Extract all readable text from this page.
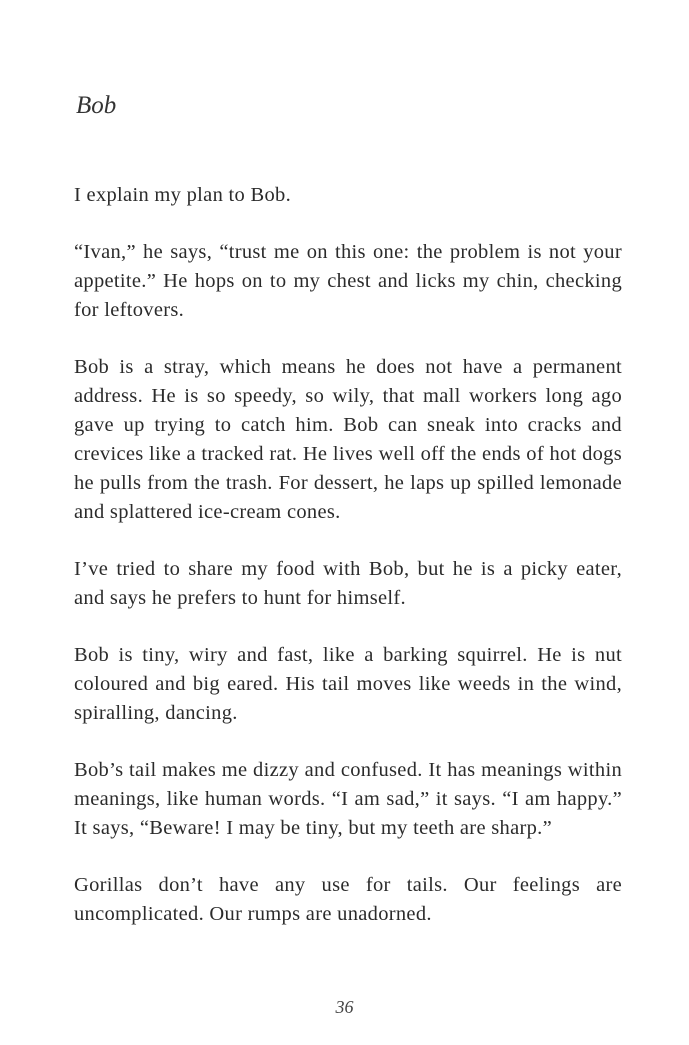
Bob

I explain my plan to Bob.

“Ivan,” he says, “trust me on this one: the problem is not your appetite.” He hops on to my chest and licks my chin, checking for leftovers.

Bob is a stray, which means he does not have a permanent address. He is so speedy, so wily, that mall workers long ago gave up trying to catch him. Bob can sneak into cracks and crevices like a tracked rat. He lives well off the ends of hot dogs he pulls from the trash. For dessert, he laps up spilled lemonade and splattered ice-cream cones.

I’ve tried to share my food with Bob, but he is a picky eater, and says he prefers to hunt for himself.

Bob is tiny, wiry and fast, like a barking squirrel. He is nut coloured and big eared. His tail moves like weeds in the wind, spiralling, dancing.

Bob’s tail makes me dizzy and confused. It has meanings within meanings, like human words. “I am sad,” it says. “I am happy.” It says, “Beware! I may be tiny, but my teeth are sharp.”

Gorillas don’t have any use for tails. Our feelings are uncomplicated. Our rumps are unadorned.

36
